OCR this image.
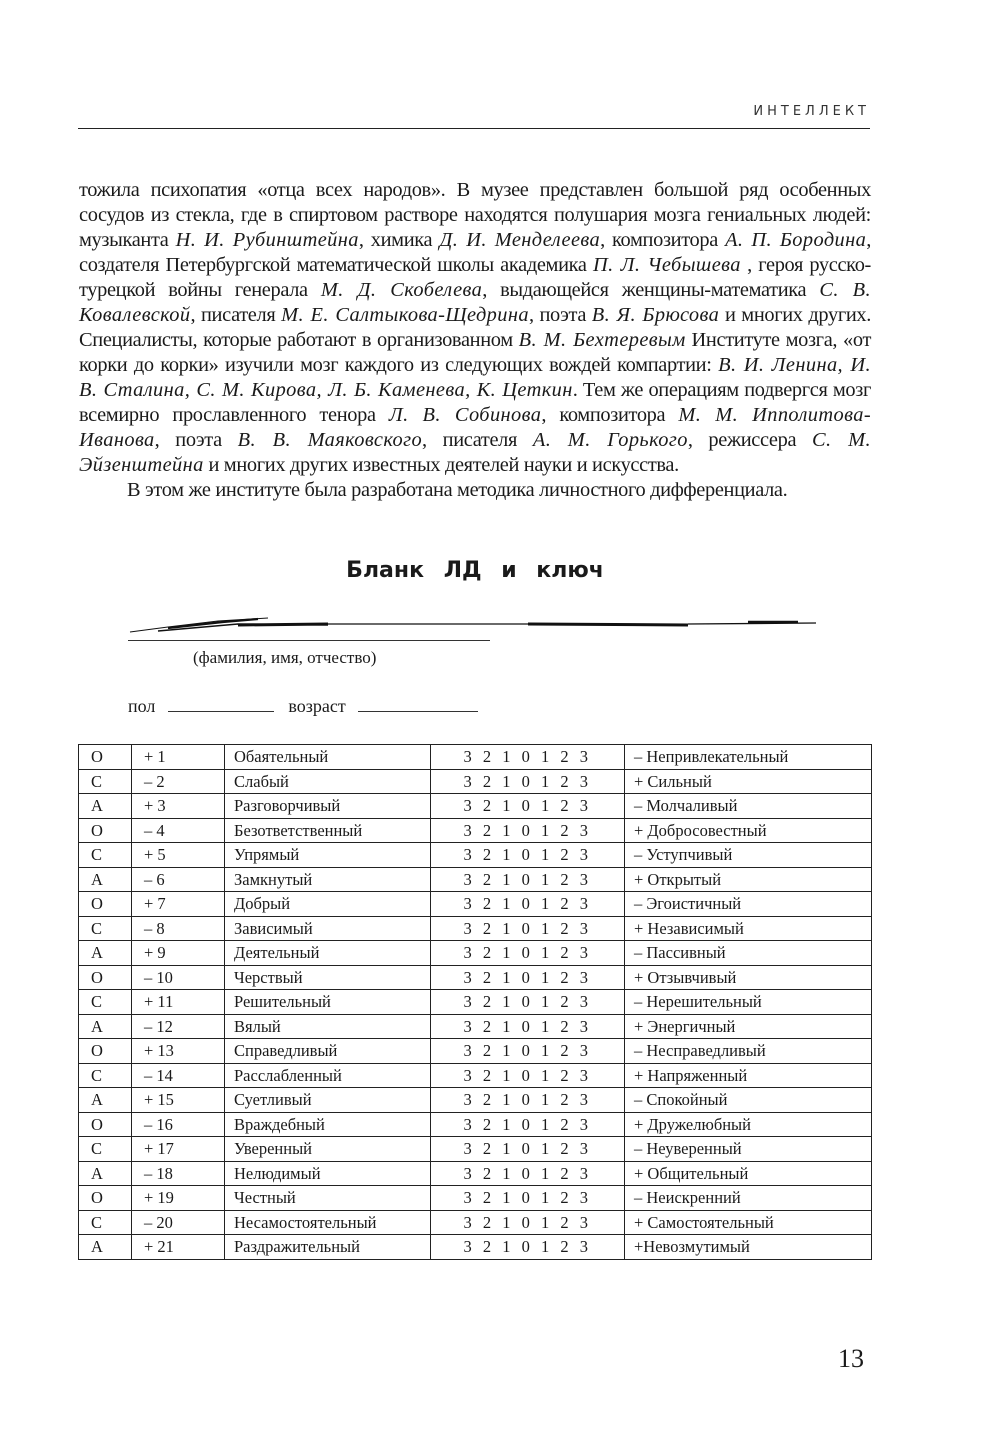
ИНТЕЛЛЕКТ

тожила психопатия «отца всех народов». В музее представлен большой ряд особенных сосудов из стекла, где в спиртовом растворе находятся полушария мозга гениальных людей: музыканта Н. И. Рубинштейна, химика Д. И. Менделеева, композитора А. П. Бородина, создателя Петербургской математической школы академика П. Л. Чебышева , героя русско-турецкой войны генерала М. Д. Скобелева, выдающейся женщины-математика С. В. Ковалевской, писателя М. Е. Салтыкова-Щедрина, поэта В. Я. Брюсова и многих других. Специалисты, которые работают в организованном В. М. Бехтеревым Институте мозга, «от корки до корки» изучили мозг каждого из следующих вождей компартии: В. И. Ленина, И. В. Сталина, С. М. Кирова, Л. Б. Каменева, К. Цеткин. Тем же операциям подвергся мозг всемирно прославленного тенора Л. В. Собинова, композитора М. М. Ипполитова-Иванова, поэта В. В. Маяковского, писателя А. М. Горького, режиссера С. М. Эйзенштейна и многих других известных деятелей науки и искусства.

В этом же институте была разработана методика личностного дифференциала.

Бланк ЛД и ключ
(фамилия, имя, отчество)
пол	возраст
О	+ 1	Обаятельный	3 2 1 0 1 2 3	– Непривлекательный
С	– 2	Слабый	3 2 1 0 1 2 3	+ Сильный
А	+ 3	Разговорчивый	3 2 1 0 1 2 3	– Молчаливый
О	– 4	Безответственный	3 2 1 0 1 2 3	+ Добросовестный
С	+ 5	Упрямый	3 2 1 0 1 2 3	– Уступчивый
А	– 6	Замкнутый	3 2 1 0 1 2 3	+ Открытый
О	+ 7	Добрый	3 2 1 0 1 2 3	– Эгоистичный
С	– 8	Зависимый	3 2 1 0 1 2 3	+ Независимый
А	+ 9	Деятельный	3 2 1 0 1 2 3	– Пассивный
О	– 10	Черствый	3 2 1 0 1 2 3	+ Отзывчивый
С	+ 11	Решительный	3 2 1 0 1 2 3	– Нерешительный
А	– 12	Вялый	3 2 1 0 1 2 3	+ Энергичный
О	+ 13	Справедливый	3 2 1 0 1 2 3	– Несправедливый
С	– 14	Расслабленный	3 2 1 0 1 2 3	+ Напряженный
А	+ 15	Суетливый	3 2 1 0 1 2 3	– Спокойный
О	– 16	Враждебный	3 2 1 0 1 2 3	+ Дружелюбный
С	+ 17	Уверенный	3 2 1 0 1 2 3	– Неуверенный
А	– 18	Нелюдимый	3 2 1 0 1 2 3	+ Общительный
О	+ 19	Честный	3 2 1 0 1 2 3	– Неискренний
С	– 20	Несамостоятельный	3 2 1 0 1 2 3	+ Самостоятельный
А	+ 21	Раздражительный	3 2 1 0 1 2 3	+Невозмутимый
13
